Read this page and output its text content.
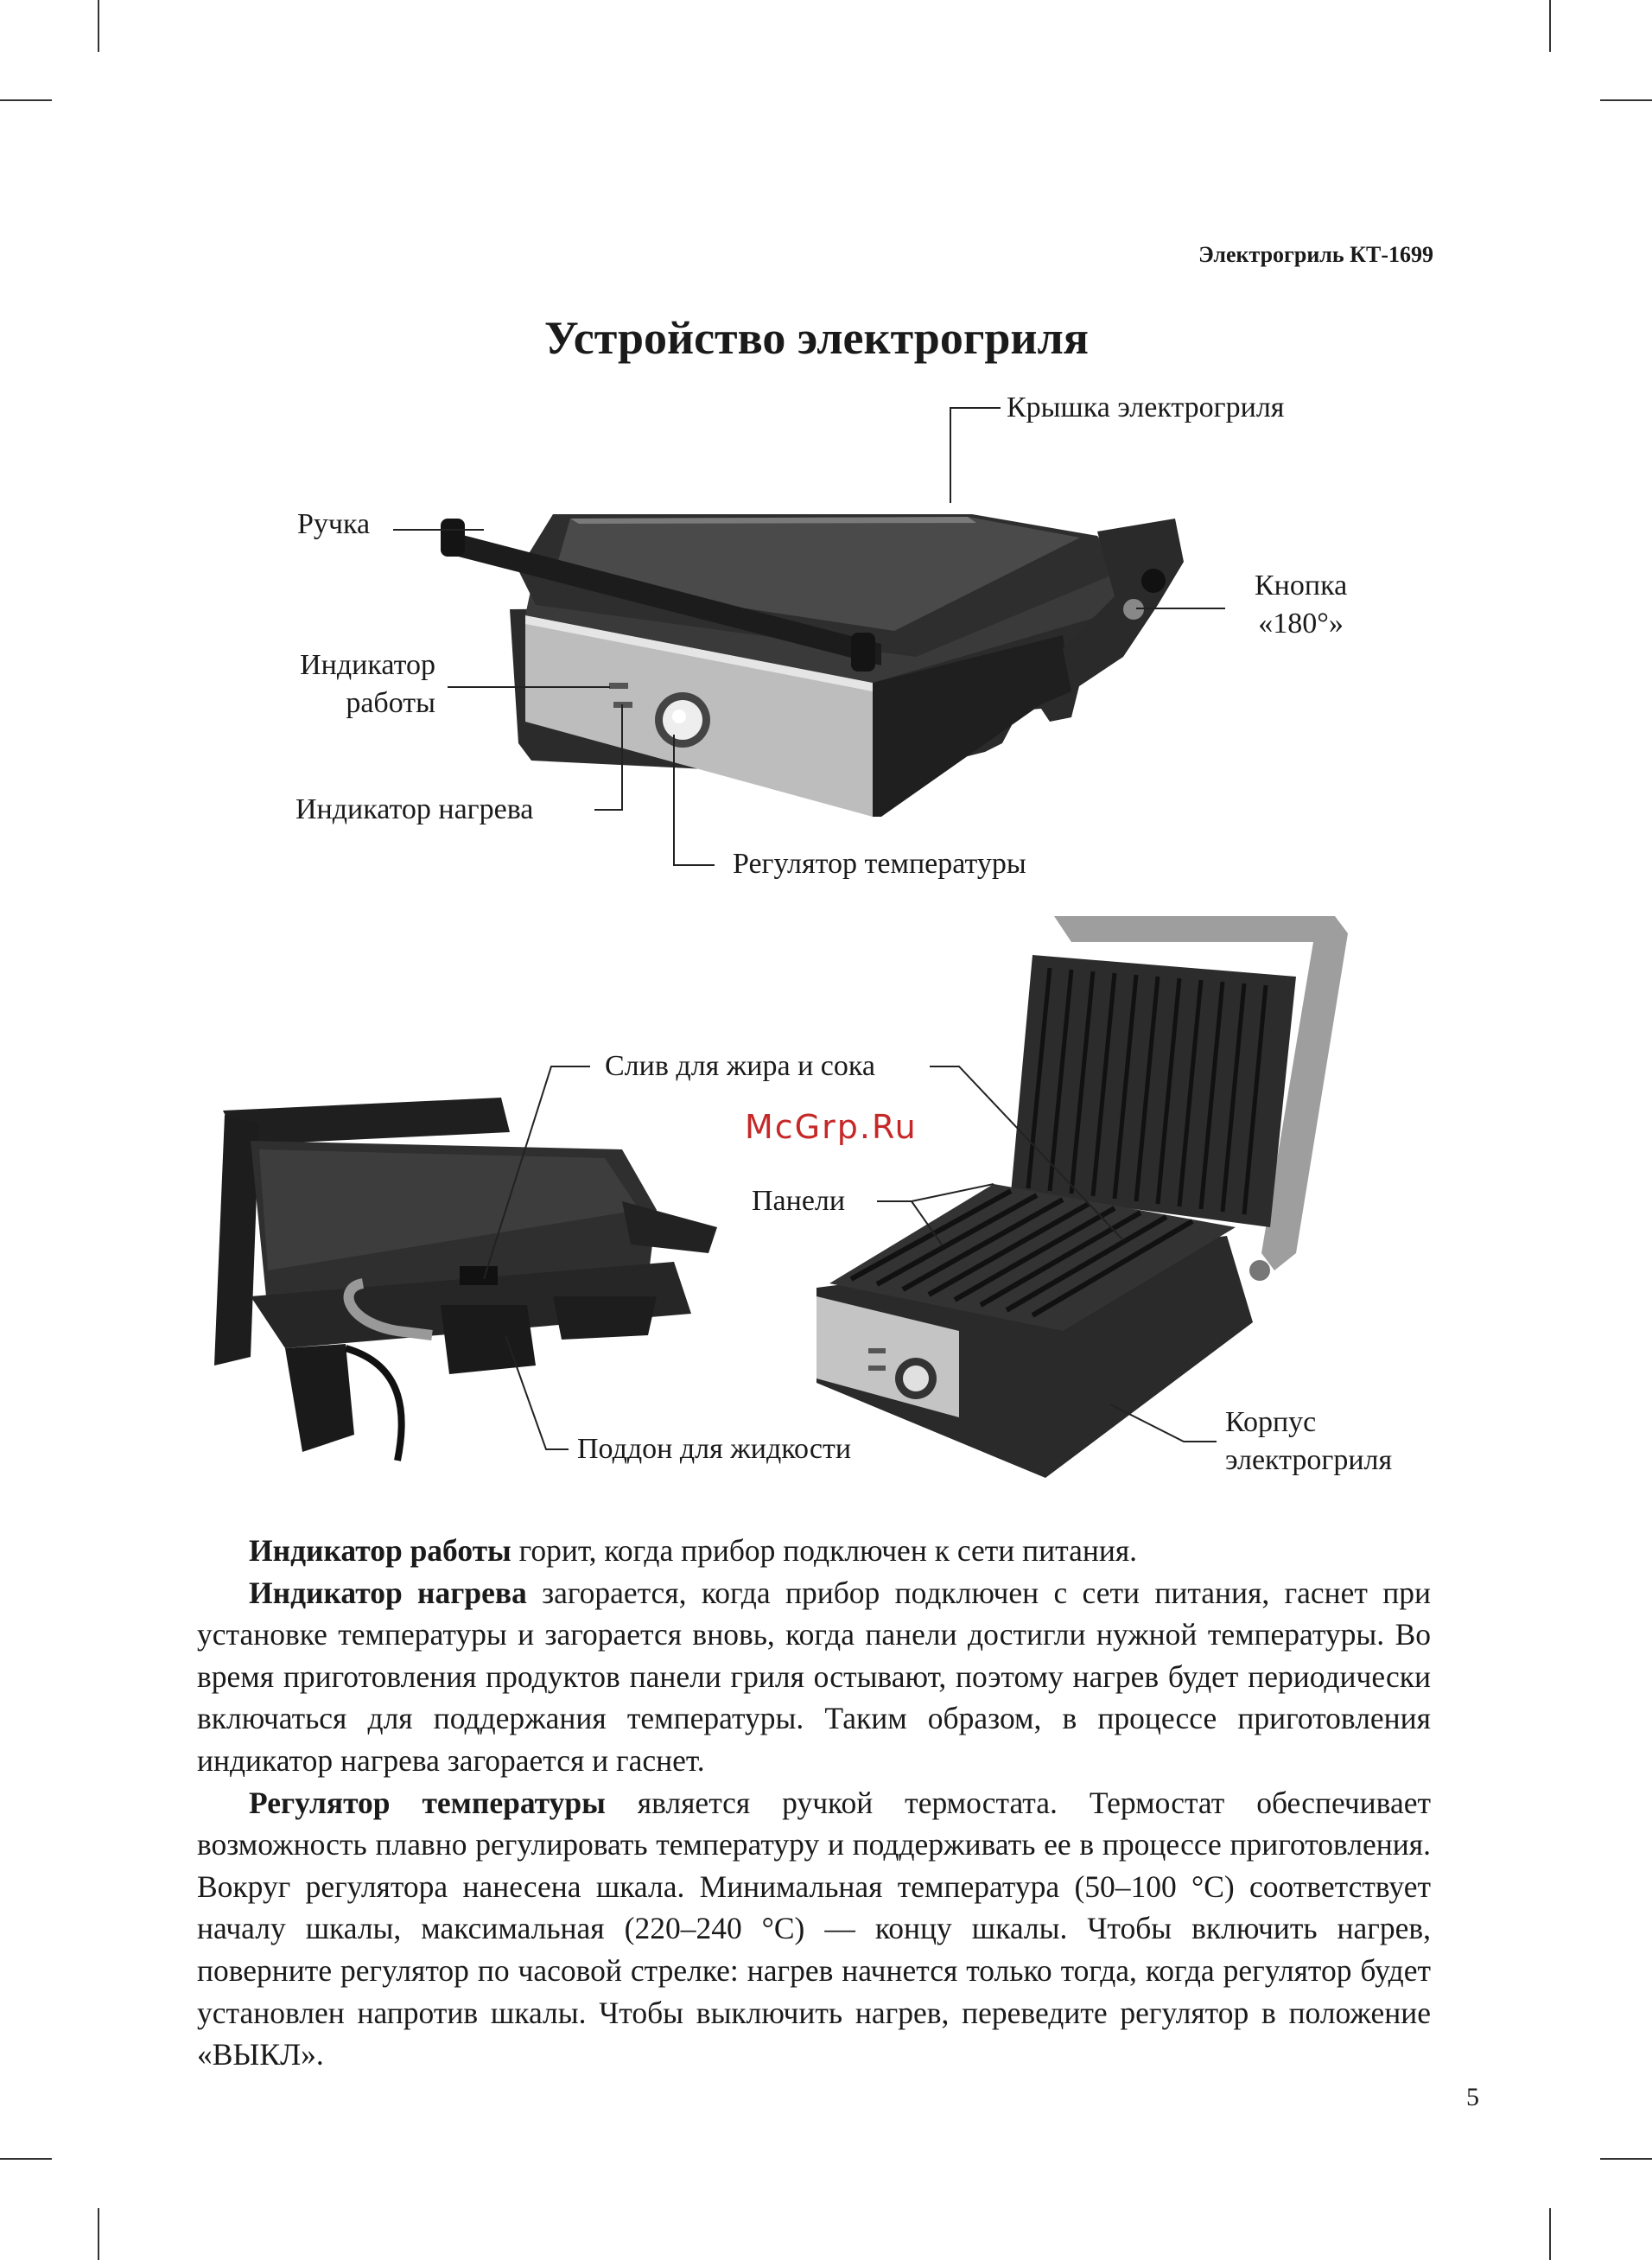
Электрогриль КТ-1699
Устройство электрогриля
Крышка электрогриля
Ручка
Кнопка
«180°»
Индикатор
работы
Индикатор нагрева
Регулятор температуры
McGrp.Ru
Слив для жира и сока
Панели
Поддон для жидкости
Корпус
электрогриля

Индикатор работы горит, когда прибор подключен к сети питания.

Индикатор нагрева загорается, когда прибор подключен с сети питания, гаснет при установке температуры и загорается вновь, когда панели достигли нужной температуры. Во время приготовления продуктов панели гриля остывают, поэтому нагрев будет периодически включаться для поддержания температуры. Таким образом, в процессе приготовления индикатор нагрева загорается и гаснет.

Регулятор температуры является ручкой термостата. Термостат обеспечивает возможность плавно регулировать температуру и поддерживать ее в процессе приготовления. Вокруг регулятора нанесена шкала. Минимальная температура (50–100 °C) соответствует началу шкалы, максимальная (220–240 °C) — концу шкалы. Чтобы включить нагрев, поверните регулятор по часовой стрелке: нагрев начнется только тогда, когда регулятор будет установлен напротив шкалы. Чтобы выключить нагрев, переведите регулятор в положение «ВЫКЛ».

5
